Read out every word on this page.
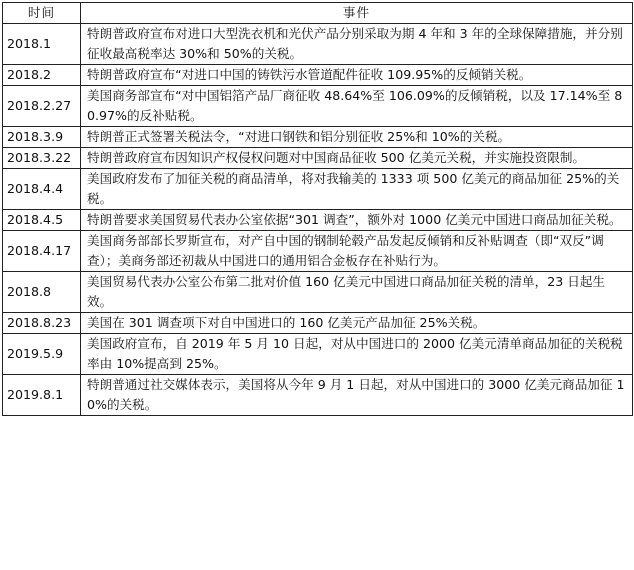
时间	事件
2018.1	特朗普政府宣布对进口大型洗衣机和光伏产品分别采取为期 4 年和 3 年的全球保障措施，并分别征收最高税率达 30%和 50%的关税。
2018.2	特朗普政府宣布“对进口中国的铸铁污水管道配件征收 109.95%的反倾销关税。
2018.2.27	美国商务部宣布“对中国铝箔产品厂商征收 48.64%至 106.09%的反倾销税，以及 17.14%至 80.97%的反补贴税。
2018.3.9	特朗普正式签署关税法令，“对进口钢铁和铝分别征收 25%和 10%的关税。
2018.3.22	特朗普政府宣布因知识产权侵权问题对中国商品征收 500 亿美元关税，并实施投资限制。
2018.4.4	美国政府发布了加征关税的商品清单，将对我输美的 1333 项 500 亿美元的商品加征 25%的关税。
2018.4.5	特朗普要求美国贸易代表办公室依据“301 调查”，额外对 1000 亿美元中国进口商品加征关税。
2018.4.17	美国商务部部长罗斯宣布，对产自中国的钢制轮毂产品发起反倾销和反补贴调查（即“双反”调查）；美商务部还初裁从中国进口的通用铝合金板存在补贴行为。
2018.8	美国贸易代表办公室公布第二批对价值 160 亿美元中国进口商品加征关税的清单，23 日起生效。
2018.8.23	美国在 301 调查项下对自中国进口的 160 亿美元产品加征 25%关税。
2019.5.9	美国政府宣布，自 2019 年 5 月 10 日起，对从中国进口的 2000 亿美元清单商品加征的关税税率由 10%提高到 25%。
2019.8.1	特朗普通过社交媒体表示，美国将从今年 9 月 1 日起，对从中国进口的 3000 亿美元商品加征 10%的关税。
